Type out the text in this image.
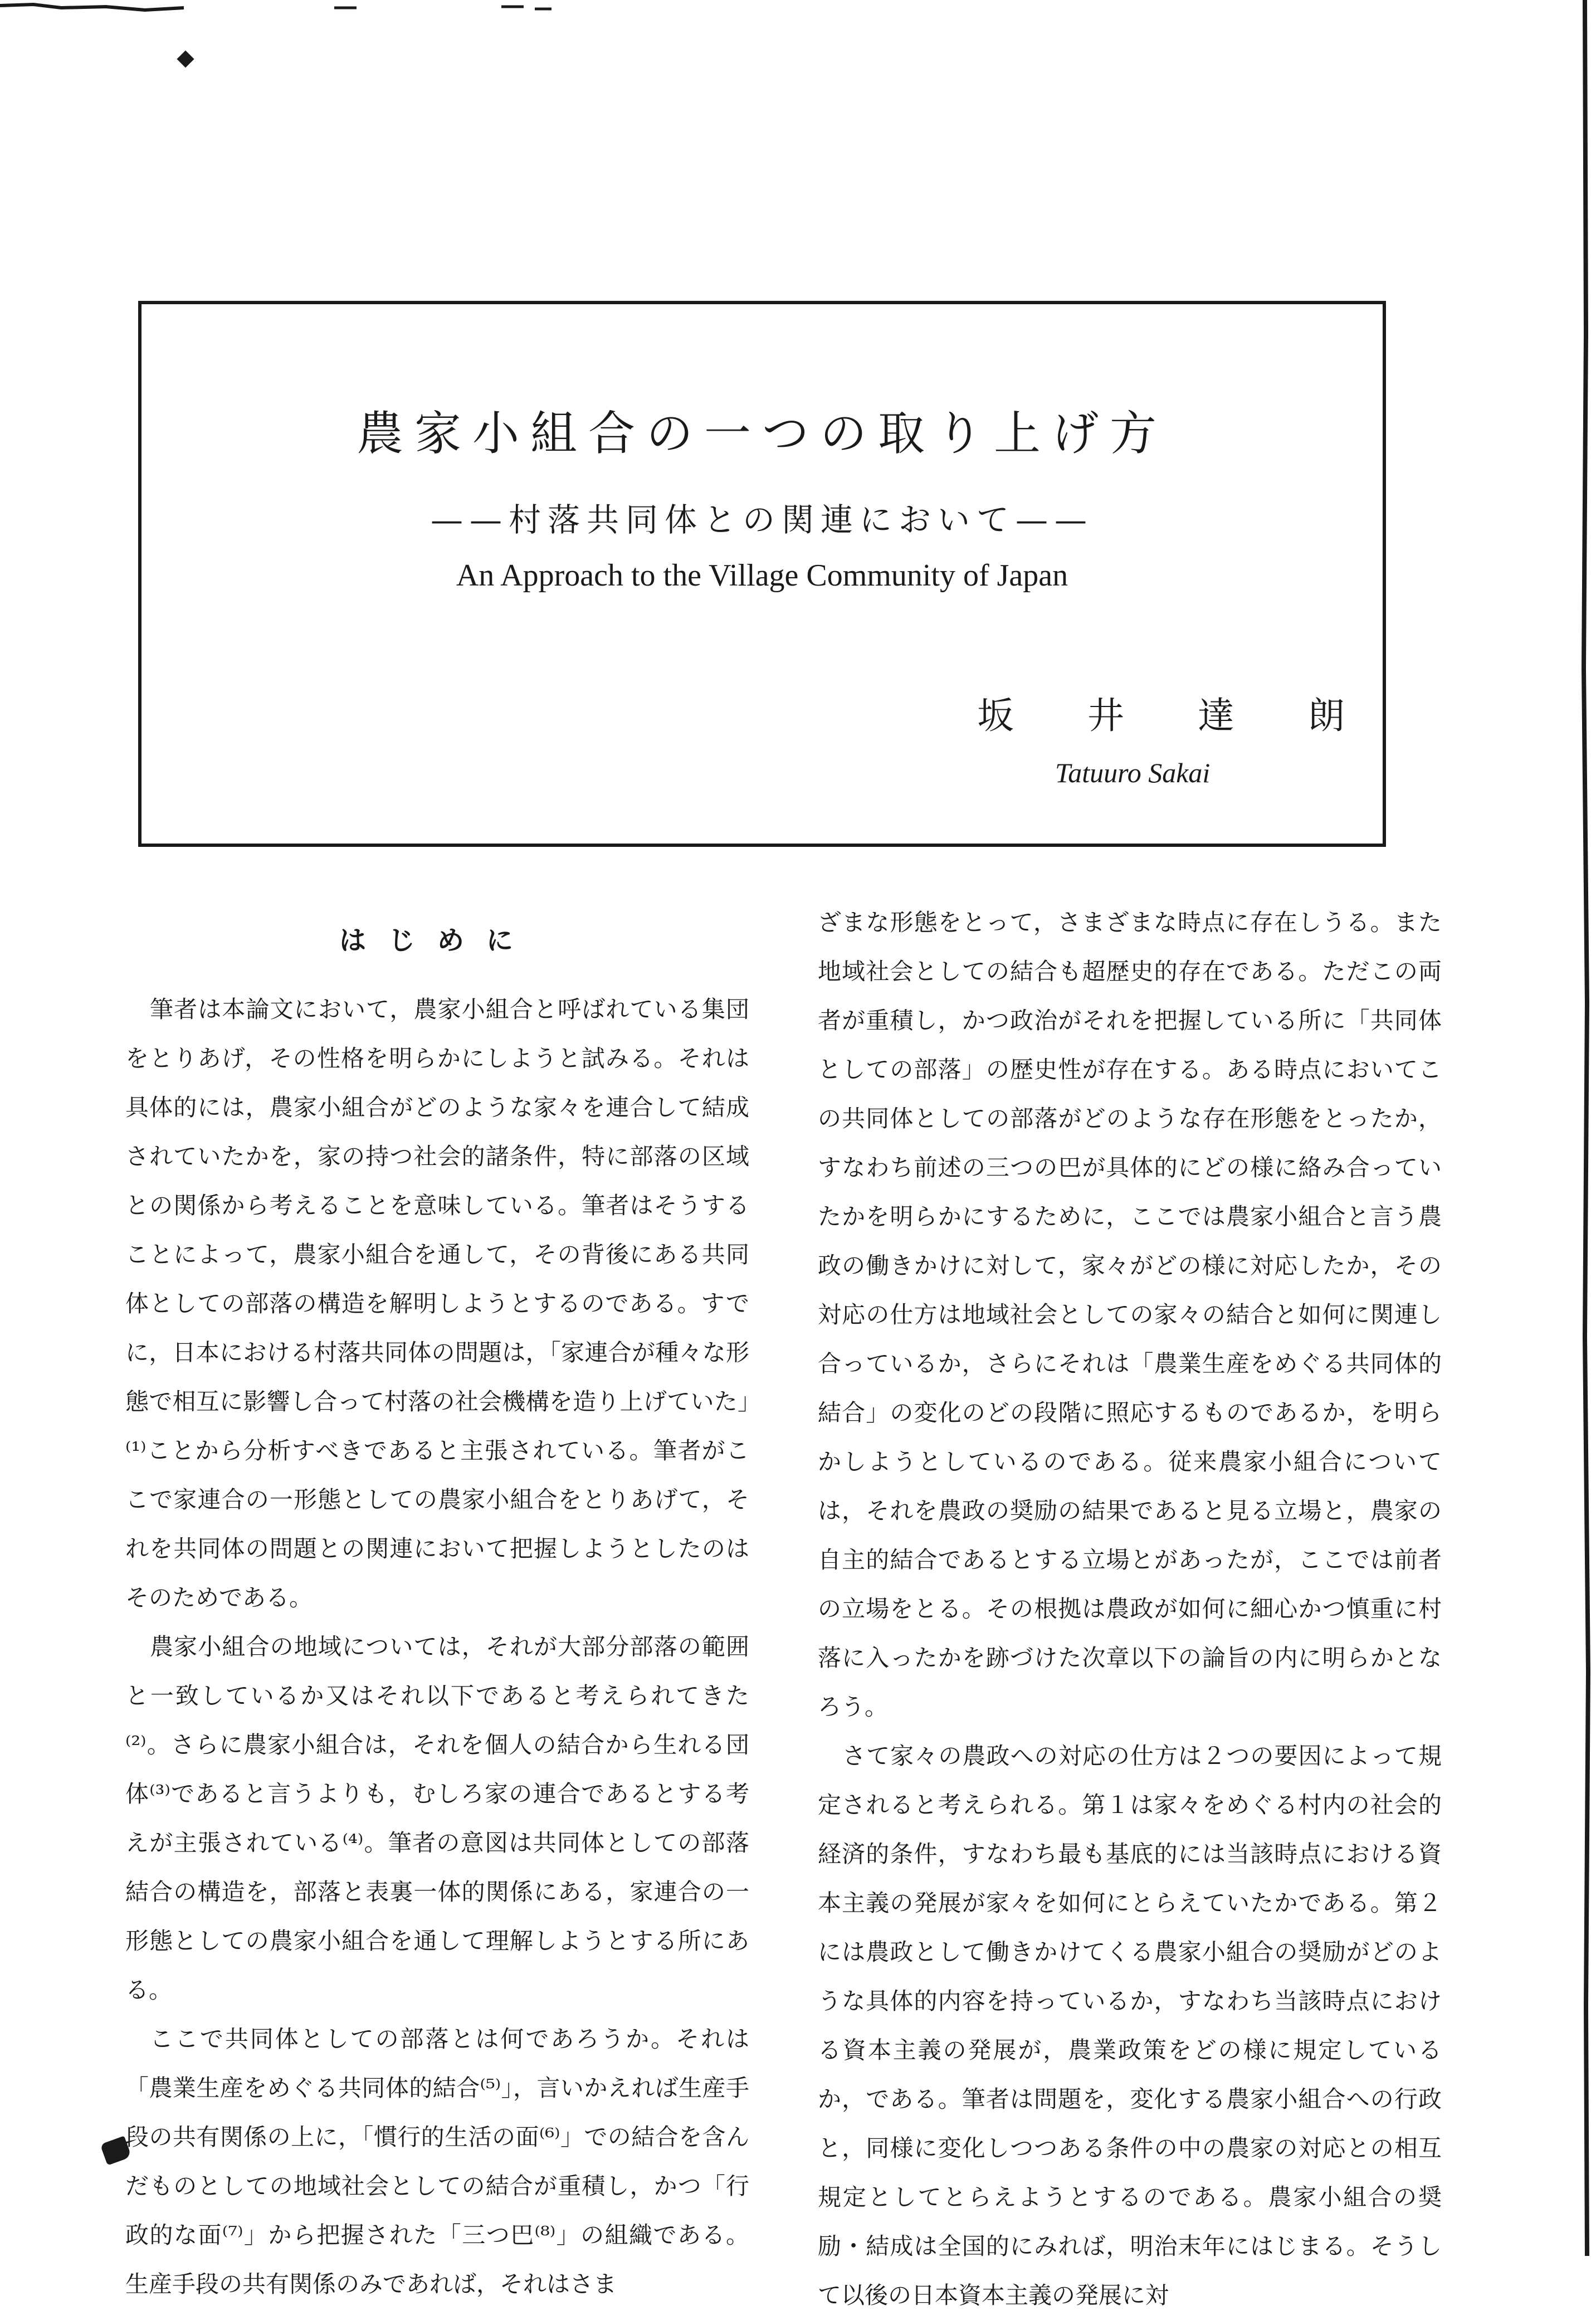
農家小組合の一つの取り上げ方
——村落共同体との関連において——
An Approach to the Village Community of Japan
坂 井 達 朗
Tatuuro Sakai
はじめに

筆者は本論文において，農家小組合と呼ばれている集団をとりあげ，その性格を明らかにしようと試みる。それは具体的には，農家小組合がどのような家々を連合して結成されていたかを，家の持つ社会的諸条件，特に部落の区域との関係から考えることを意味している。筆者はそうすることによって，農家小組合を通して，その背後にある共同体としての部落の構造を解明しようとするのである。すでに，日本における村落共同体の問題は，「家連合が種々な形態で相互に影響し合って村落の社会機構を造り上げていた」⁽¹⁾ことから分析すべきであると主張されている。筆者がここで家連合の一形態としての農家小組合をとりあげて，それを共同体の問題との関連において把握しようとしたのはそのためである。

農家小組合の地域については，それが大部分部落の範囲と一致しているか又はそれ以下であると考えられてきた⁽²⁾。さらに農家小組合は，それを個人の結合から生れる団体⁽³⁾であると言うよりも，むしろ家の連合であるとする考えが主張されている⁽⁴⁾。筆者の意図は共同体としての部落結合の構造を，部落と表裏一体的関係にある，家連合の一形態としての農家小組合を通して理解しようとする所にある。

ここで共同体としての部落とは何であろうか。それは「農業生産をめぐる共同体的結合⁽⁵⁾」，言いかえれば生産手段の共有関係の上に，「慣行的生活の面⁽⁶⁾」での結合を含んだものとしての地域社会としての結合が重積し，かつ「行政的な面⁽⁷⁾」から把握された「三つ巴⁽⁸⁾」の組織である。生産手段の共有関係のみであれば，それはさま

ざまな形態をとって，さまざまな時点に存在しうる。また地域社会としての結合も超歴史的存在である。ただこの両者が重積し，かつ政治がそれを把握している所に「共同体としての部落」の歴史性が存在する。ある時点においてこの共同体としての部落がどのような存在形態をとったか，すなわち前述の三つの巴が具体的にどの様に絡み合っていたかを明らかにするために，ここでは農家小組合と言う農政の働きかけに対して，家々がどの様に対応したか，その対応の仕方は地域社会としての家々の結合と如何に関連し合っているか，さらにそれは「農業生産をめぐる共同体的結合」の変化のどの段階に照応するものであるか，を明らかしようとしているのである。従来農家小組合については，それを農政の奨励の結果であると見る立場と，農家の自主的結合であるとする立場とがあったが，ここでは前者の立場をとる。その根拠は農政が如何に細心かつ慎重に村落に入ったかを跡づけた次章以下の論旨の内に明らかとなろう。

さて家々の農政への対応の仕方は２つの要因によって規定されると考えられる。第１は家々をめぐる村内の社会的経済的条件，すなわち最も基底的には当該時点における資本主義の発展が家々を如何にとらえていたかである。第２には農政として働きかけてくる農家小組合の奨励がどのような具体的内容を持っているか，すなわち当該時点における資本主義の発展が，農業政策をどの様に規定しているか，である。筆者は問題を，変化する農家小組合への行政と，同様に変化しつつある条件の中の農家の対応との相互規定としてとらえようとするのである。農家小組合の奨励・結成は全国的にみれば，明治末年にはじまる。そうして以後の日本資本主義の発展に対
